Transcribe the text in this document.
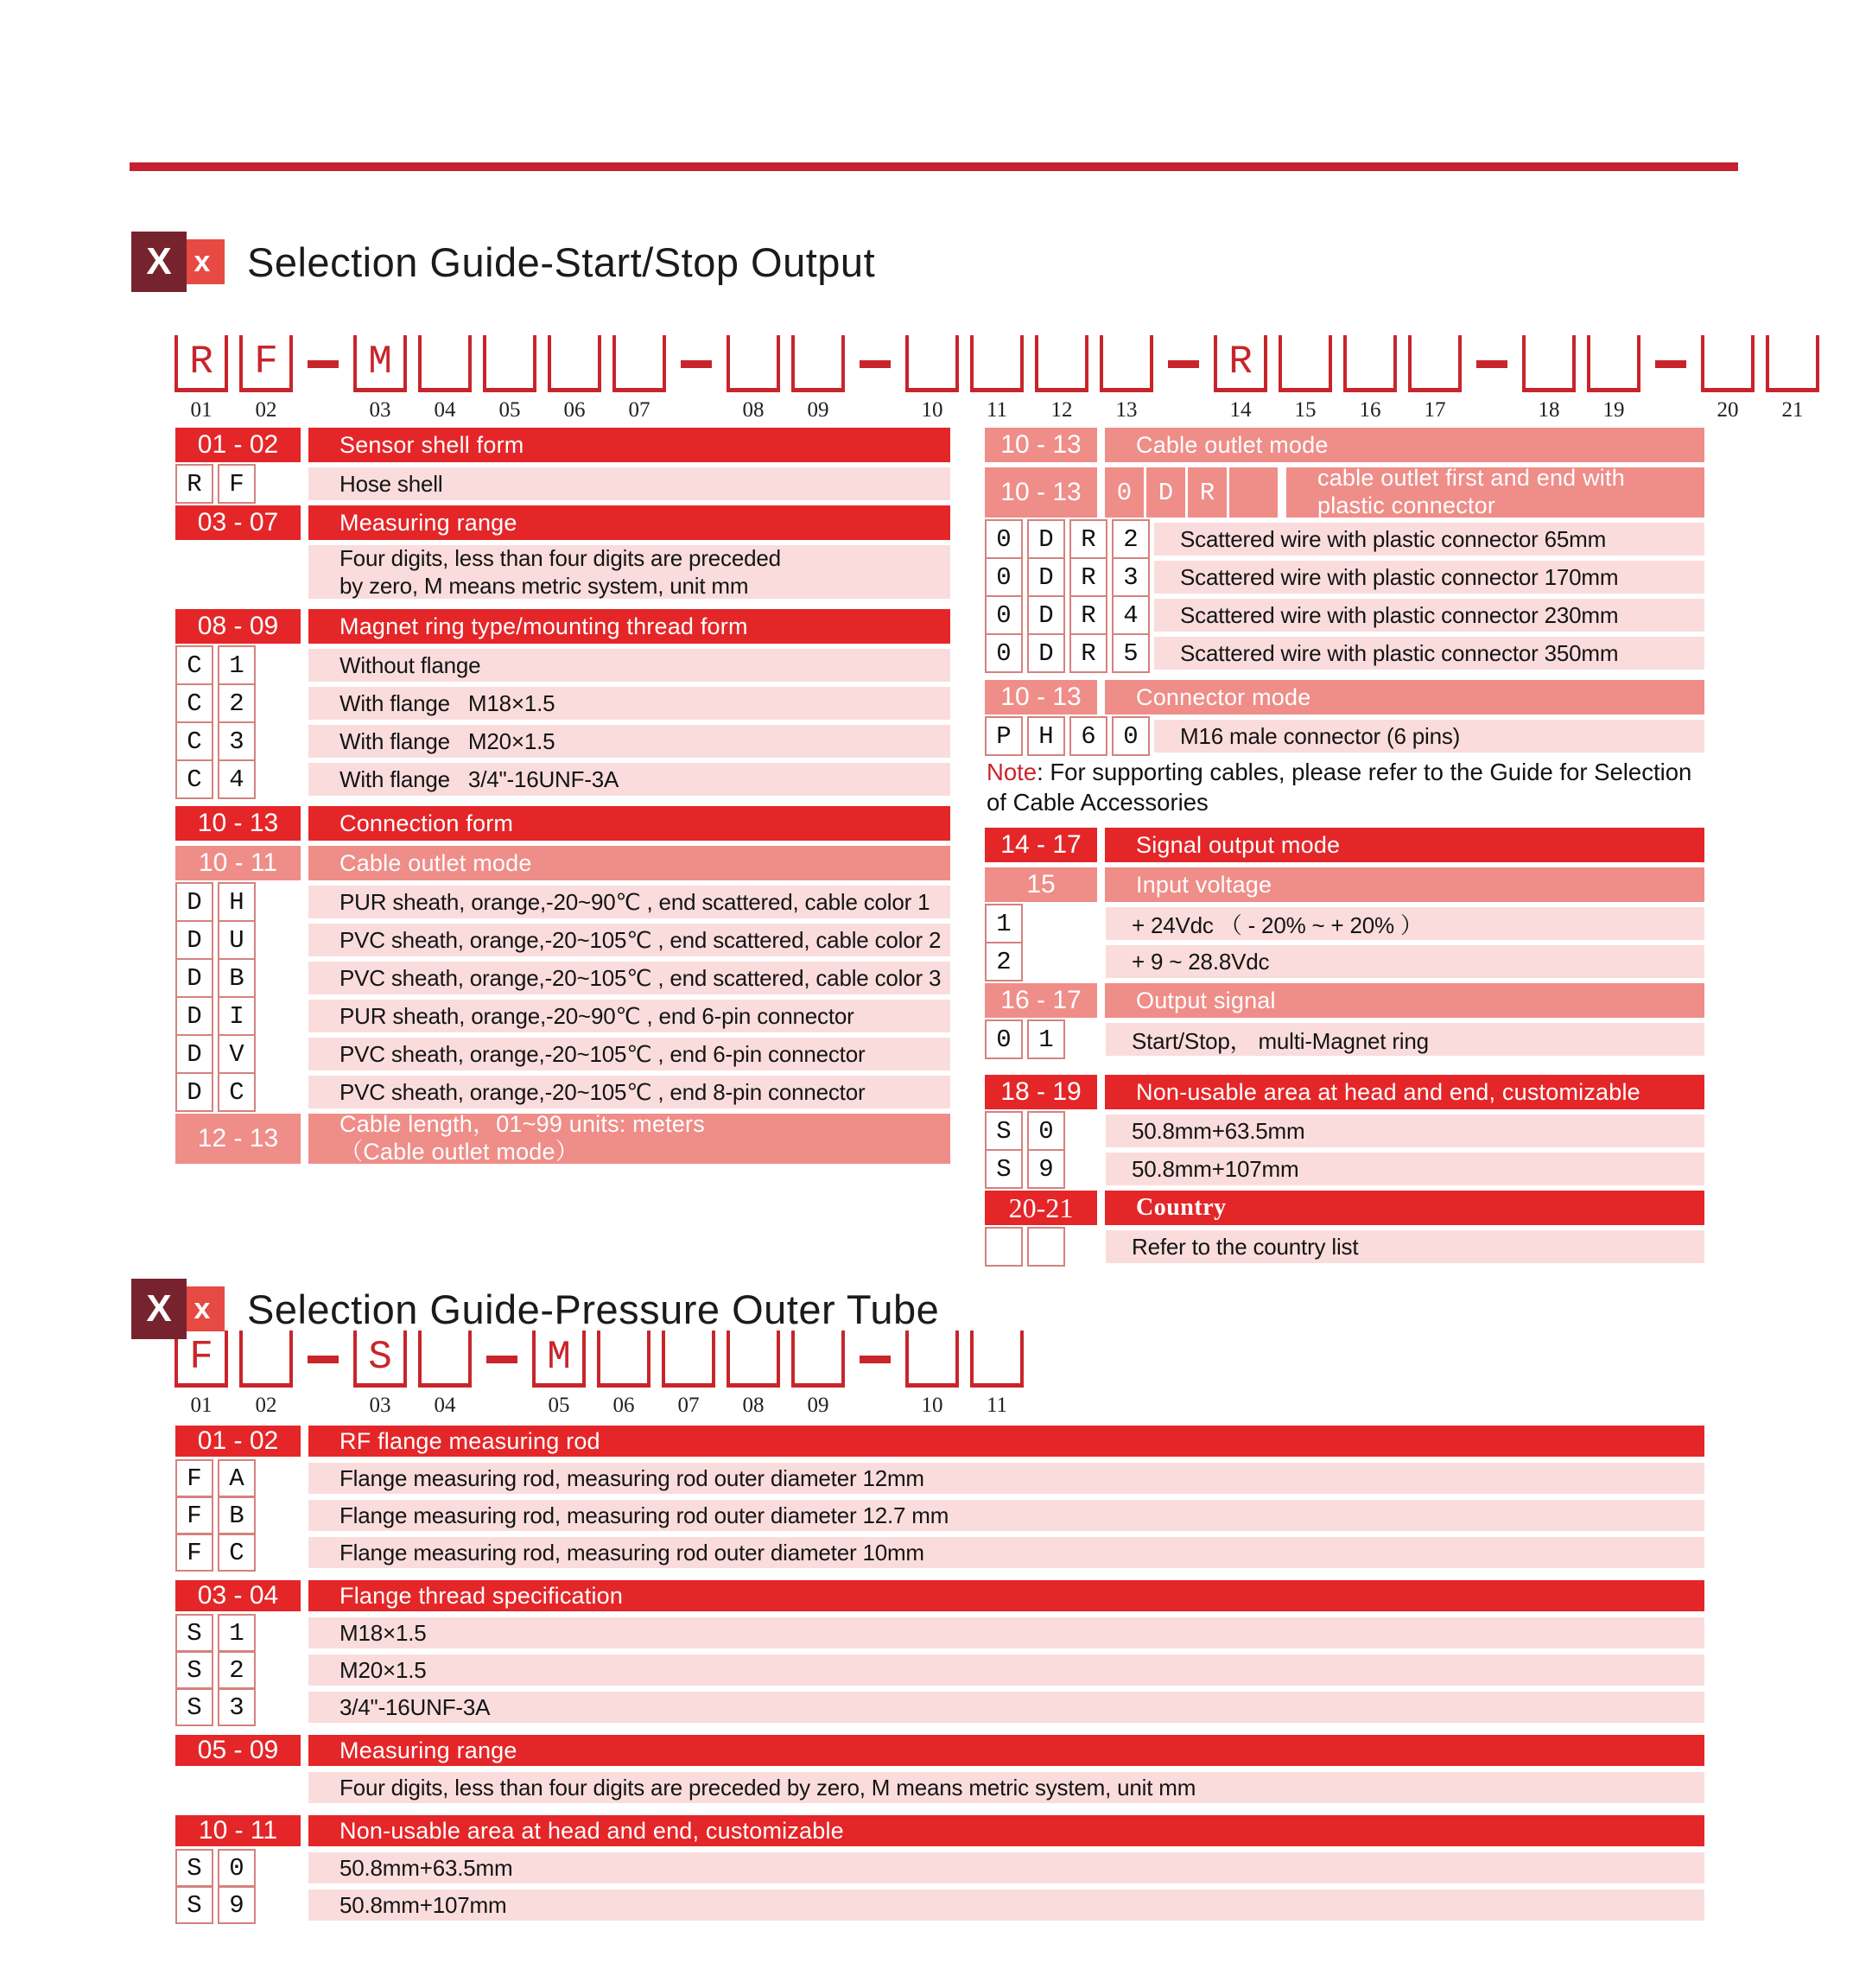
X x Selection Guide-Start/Stop Output
R
01
F
02
M
03 04 05 06 07	08 09	10 11 12 13
R
14 15 16 17	18 19	20 21
01 - 02	Sensor shell form
R	F	Hose shell
03 - 07	Measuring range
Four digits, less than four digits are preceded
by zero, M means metric system, unit mm
08 - 09	Magnet ring type/mounting thread form
C	1	Without flange
C	2	With flange   M18×1.5
C	3	With flange   M20×1.5
C	4	With flange   3/4"-16UNF-3A
10 - 13	Connection form
10 - 11	Cable outlet mode
D	H	PUR sheath, orange,-20~90℃ , end scattered, cable color 1
D	U	PVC sheath, orange,-20~105℃ , end scattered, cable color 2
D	B	PVC sheath, orange,-20~105℃ , end scattered, cable color 3
D	I	PUR sheath, orange,-20~90℃ , end 6-pin connector
D	V	PVC sheath, orange,-20~105℃ , end 6-pin connector
D	C	PVC sheath, orange,-20~105℃ , end 8-pin connector
12 - 13	Cable length，01~99 units: meters
（Cable outlet mode）
10 - 13	Cable outlet mode
10 - 13	0	D	R
cable outlet first and end with
plastic connector
0	D	R	2	Scattered wire with plastic connector 65mm
0	D	R	3	Scattered wire with plastic connector 170mm
0	D	R	4	Scattered wire with plastic connector 230mm
0	D	R	5	Scattered wire with plastic connector 350mm
10 - 13	Connector mode
P	H	6	0	M16 male connector (6 pins)
Note: For supporting cables, please refer to the Guide for Selection of Cable Accessories
14 - 17	Signal output mode
15	Input voltage
1	+ 24Vdc （ - 20% ~ + 20% ）
2	+ 9 ~ 28.8Vdc
16 - 17	Output signal
0	1	Start/Stop， multi-Magnet ring
18 - 19	Non-usable area at head and end, customizable
S	0	50.8mm+63.5mm
S	9	50.8mm+107mm
20-21	Country
Refer to the country list
X x Selection Guide-Pressure Outer Tube
F
01 02
S
03 04
M
05 06 07 08 09	10 11
01 - 02	RF flange measuring rod
F	A	Flange measuring rod, measuring rod outer diameter 12mm
F	B	Flange measuring rod, measuring rod outer diameter 12.7 mm
F	C	Flange measuring rod, measuring rod outer diameter 10mm
03 - 04	Flange thread specification
S	1	M18×1.5
S	2	M20×1.5
S	3	3/4"-16UNF-3A
05 - 09	Measuring range
Four digits, less than four digits are preceded by zero, M means metric system, unit mm
10 - 11	Non-usable area at head and end, customizable
S	0	50.8mm+63.5mm
S	9	50.8mm+107mm
